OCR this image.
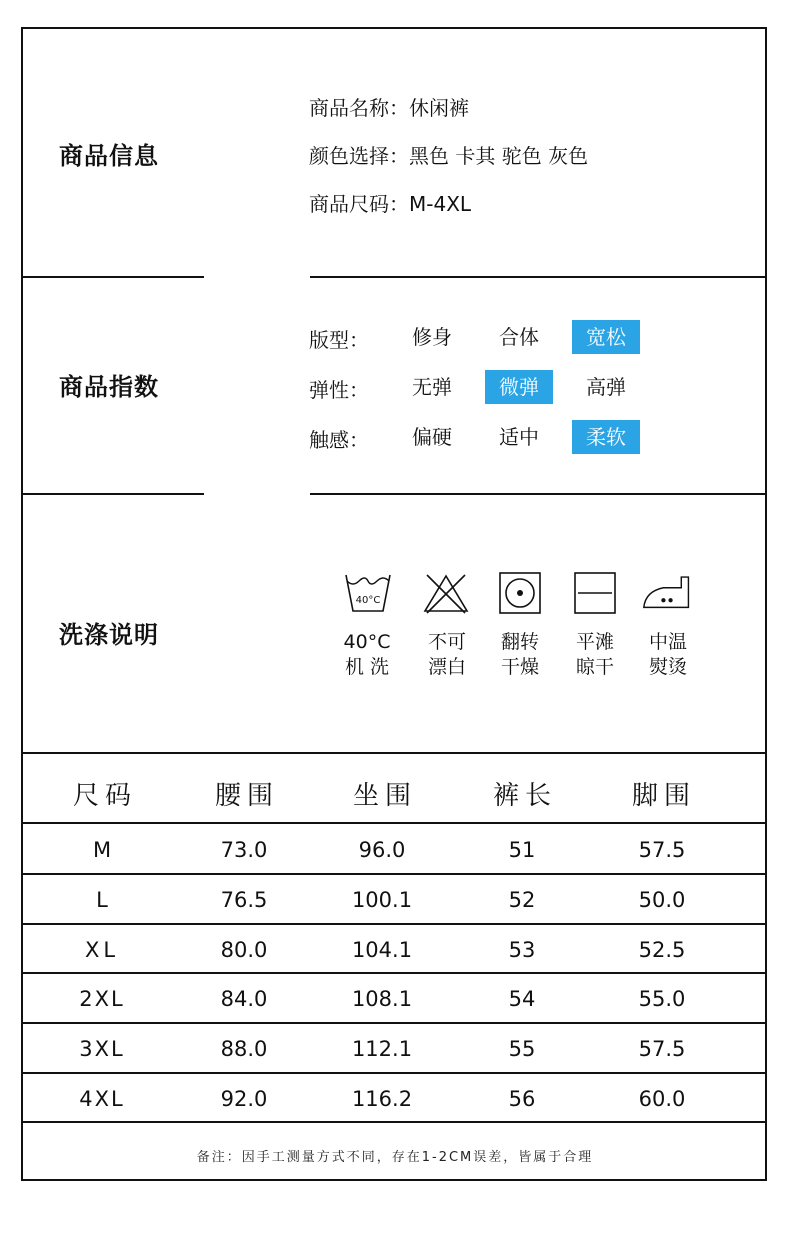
商品信息
商品名称：休闲裤
颜色选择：黑色 卡其 驼色 灰色
商品尺码：M-4XL
商品指数
版型：	修身	合体	宽松
弹性：	无弹	微弹	高弹
触感：	偏硬	适中	柔软
洗涤说明
40°C
40°C
机 洗
不可
漂白
翻转
干燥
平滩
晾干
中温
熨烫
尺码	腰围	坐围	裤长	脚围
M	73.0	96.0	51	57.5
L	76.5	100.1	52	50.0
XL	80.0	104.1	53	52.5
2XL	84.0	108.1	54	55.0
3XL	88.0	112.1	55	57.5
4XL	92.0	116.2	56	60.0
备注：因手工测量方式不同，存在1-2CM误差，皆属于合理
